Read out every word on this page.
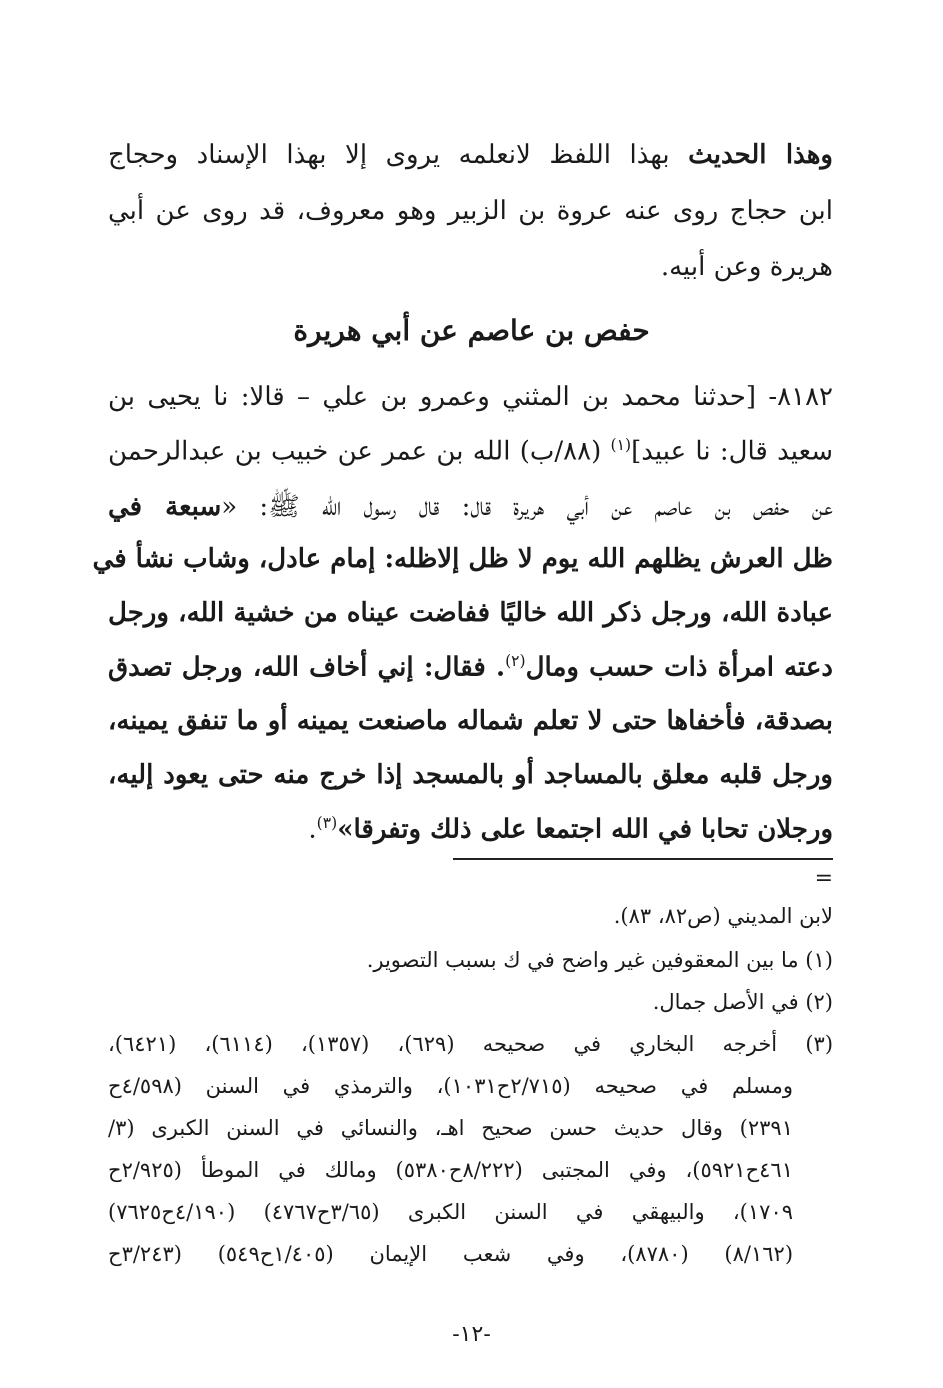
وهذا الحديث بهذا اللفظ لانعلمه يروى إلا بهذا الإسناد وحجاج
ابن حجاج روى عنه عروة بن الزبير وهو معروف، قد روى عن أبي
هريرة وعن أبيه.
حفص بن عاصم عن أبي هريرة
٨١٨٢- [حدثنا محمد بن المثني وعمرو بن علي – قالا: نا يحيى بن
سعيد قال: نا عبيد]$^{(١)}$ (٨٨/ب) الله بن عمر عن خبيب بن عبدالرحمن
عن حفص بن عاصم عن أبي هريرة قال: قال رسول الله ﷺ: «سبعة في
ظل العرش يظلهم الله يوم لا ظل إلاظله: إمام عادل، وشاب نشأ في
عبادة الله، ورجل ذكر الله خاليًا ففاضت عيناه من خشية الله، ورجل
دعته امرأة ذات حسب ومال$^{(٢)}$. فقال: إني أخاف الله، ورجل تصدق
بصدقة، فأخفاها حتى لا تعلم شماله ماصنعت يمينه أو ما تنفق يمينه،
ورجل قلبه معلق بالمساجد أو بالمسجد إذا خرج منه حتى يعود إليه،
ورجلان تحابا في الله اجتمعا على ذلك وتفرقا»$^{(٣)}$.
=
لابن المديني (ص٨٢، ٨٣).
(١) ما بين المعقوفين غير واضح في ك بسبب التصوير.
(٢) في الأصل جمال.
(٣) أخرجه البخاري في صحيحه (٦٢٩)، (١٣٥٧)، (٦١١٤)، (٦٤٢١)،
ومسلم في صحيحه (٢/٧١٥ح١٠٣١)، والترمذي في السنن (٤/٥٩٨ح
٢٣٩١) وقال حديث حسن صحيح اهـ، والنسائي في السنن الكبرى (٣/
٤٦١ح٥٩٢١)، وفي المجتبى (٨/٢٢٢ح٥٣٨٠) ومالك في الموطأ (٢/٩٢٥ح
١٧٠٩)، والبيهقي في السنن الكبرى (٣/٦٥ح٤٧٦٧) (٤/١٩٠ح٧٦٢٥)
(٨/١٦٢) (٨٧٨٠)، وفي شعب الإيمان (١/٤٠٥ح٥٤٩) (٣/٢٤٣ح
-١٢-
